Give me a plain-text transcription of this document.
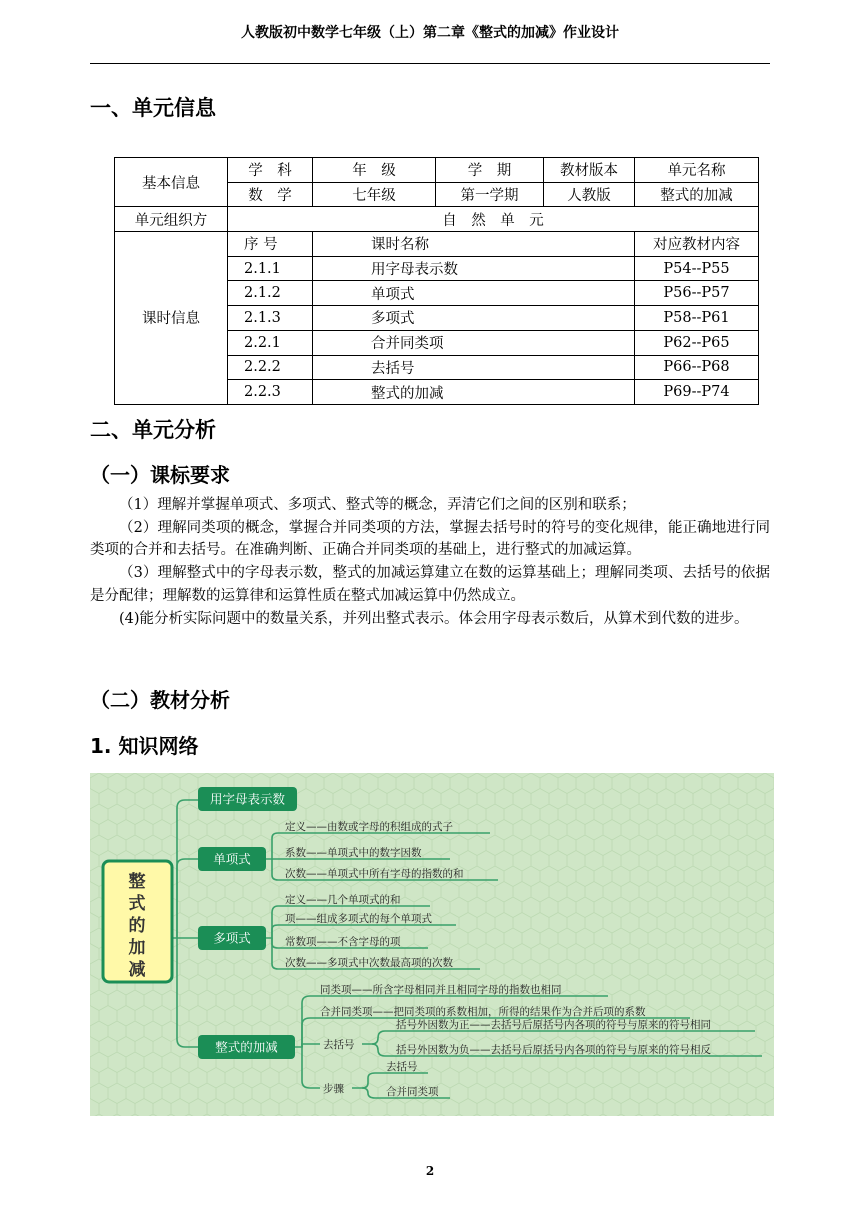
人教版初中数学七年级（上）第二章《整式的加减》作业设计
一、单元信息
基本信息	学　科	年　级	学　期	教材版本	单元名称
	数　学	七年级	第一学期	人教版	整式的加减
单元组织方	自　然　单　元				
课时信息	序 号	课时名称			对应教材内容
	2.1.1	用字母表示数			P54--P55
	2.1.2	单项式			P56--P57
	2.1.3	多项式			P58--P61
	2.2.1	合并同类项			P62--P65
	2.2.2	去括号			P66--P68
	2.2.3	整式的加减			P69--P74
二、单元分析
（一）课标要求

（1）理解并掌握单项式、多项式、整式等的概念，弄清它们之间的区别和联系；

（2）理解同类项的概念，掌握合并同类项的方法，掌握去括号时的符号的变化规律，能正确地进行同类项的合并和去括号。在准确判断、正确合并同类项的基础上，进行整式的加减运算。

（3）理解整式中的字母表示数，整式的加减运算建立在数的运算基础上；理解同类项、去括号的依据是分配律；理解数的运算律和运算性质在整式加减运算中仍然成立。

(4)能分析实际问题中的数量关系，并列出整式表示。体会用字母表示数后，从算术到代数的进步。

（二）教材分析
1. 知识网络
整
式
的
加
减
用字母表示数
单项式
多项式
整式的加减
定义——由数或字母的积组成的式子
系数——单项式中的数字因数
次数——单项式中所有字母的指数的和
定义——几个单项式的和
项——组成多项式的每个单项式
常数项——不含字母的项
次数——多项式中次数最高项的次数
同类项——所含字母相同并且相同字母的指数也相同
合并同类项——把同类项的系数相加，所得的结果作为合并后项的系数
去括号
括号外因数为正——去括号后原括号内各项的符号与原来的符号相同
括号外因数为负——去括号后原括号内各项的符号与原来的符号相反
步骤
去括号
合并同类项
2
